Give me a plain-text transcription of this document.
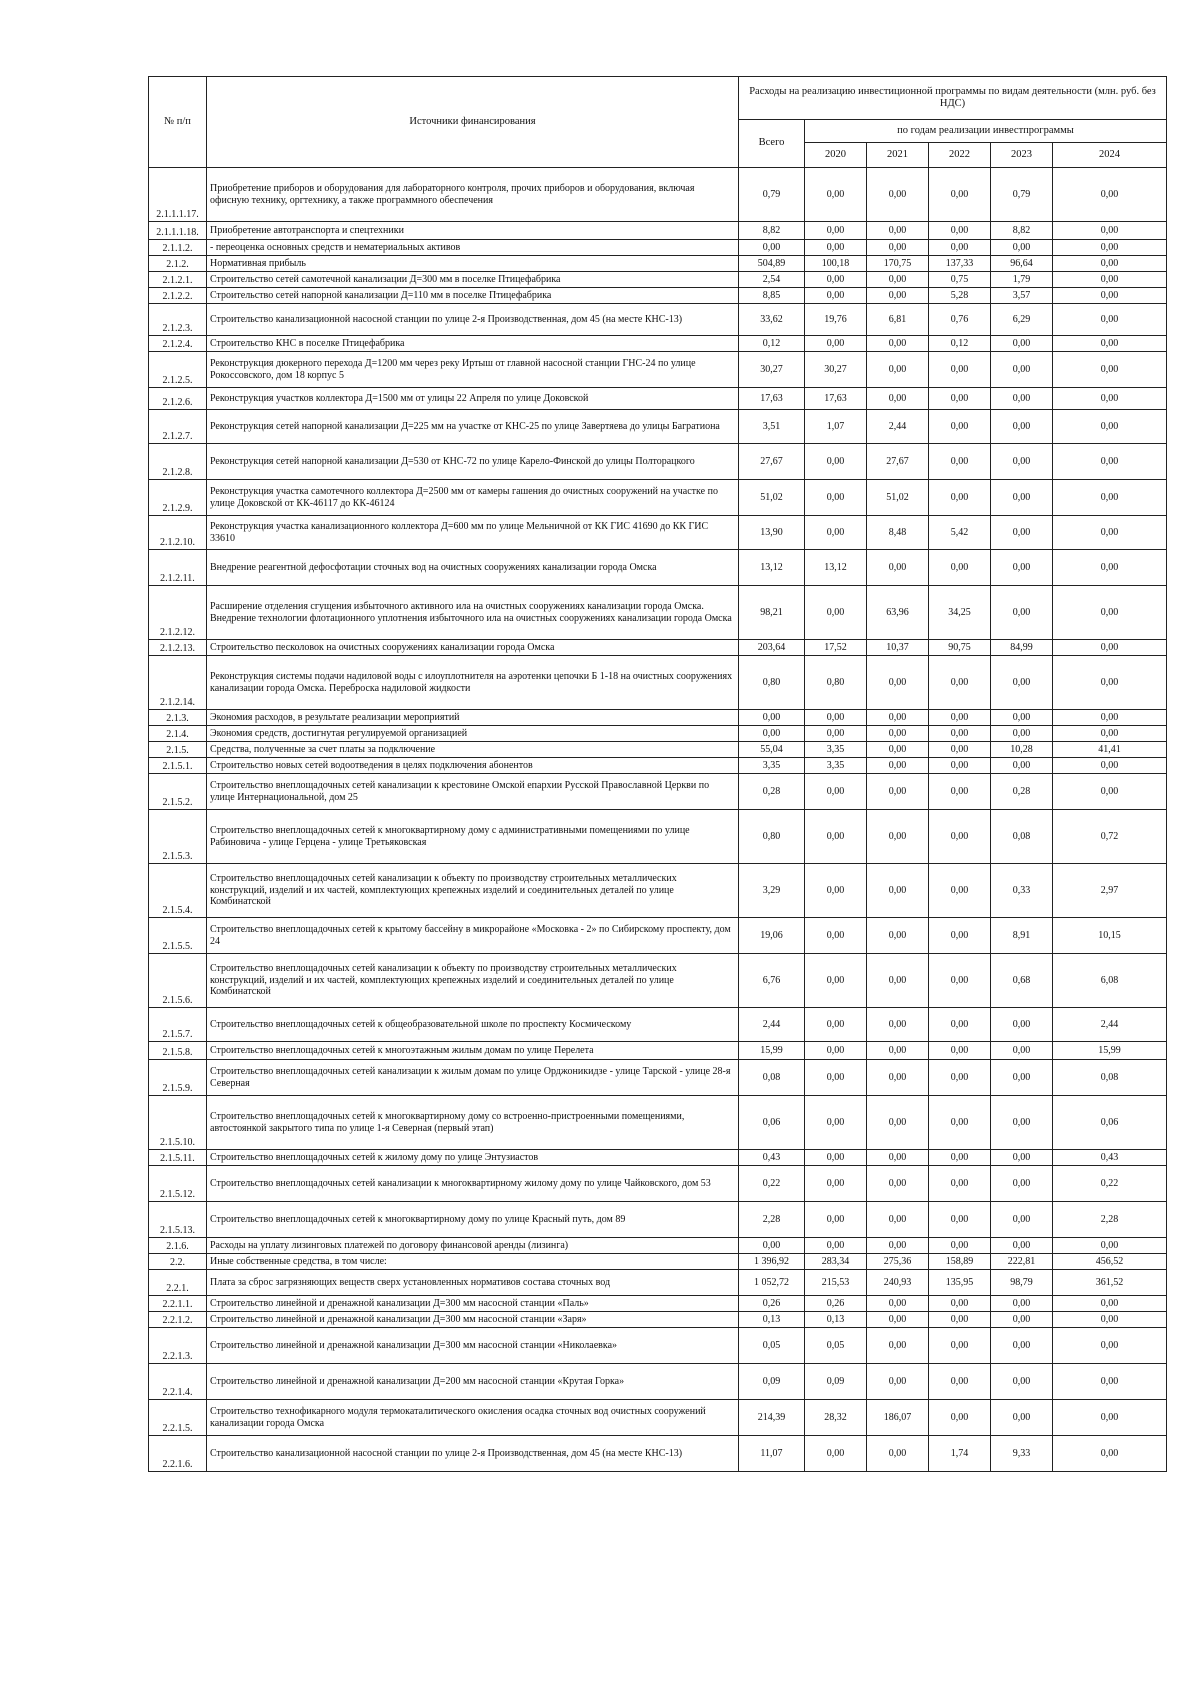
№ п/п	Источники финансирования	Расходы на реализацию инвестиционной программы по видам деятельности (млн. руб. без НДС)					
		Всего	по годам реализации инвестпрограммы				
			2020	2021	2022	2023	2024
2.1.1.1.17.	Приобретение приборов и оборудования для лабораторного контроля, прочих приборов и оборудования, включая офисную технику, оргтехнику, а также программного обеспечения	0,79	0,00	0,00	0,00	0,79	0,00
2.1.1.1.18.	Приобретение автотранспорта и спецтехники	8,82	0,00	0,00	0,00	8,82	0,00
2.1.1.2.	- переоценка основных средств и нематериальных активов	0,00	0,00	0,00	0,00	0,00	0,00
2.1.2.	Нормативная прибыль	504,89	100,18	170,75	137,33	96,64	0,00
2.1.2.1.	Строительство сетей самотечной канализации Д=300 мм в поселке Птицефабрика	2,54	0,00	0,00	0,75	1,79	0,00
2.1.2.2.	Строительство сетей напорной канализации Д=110 мм в поселке Птицефабрика	8,85	0,00	0,00	5,28	3,57	0,00
2.1.2.3.	Строительство канализационной насосной станции по улице 2-я Производственная, дом 45 (на месте КНС-13)	33,62	19,76	6,81	0,76	6,29	0,00
2.1.2.4.	Строительство КНС в поселке Птицефабрика	0,12	0,00	0,00	0,12	0,00	0,00
2.1.2.5.	Реконструкция дюкерного перехода Д=1200 мм через реку Иртыш от главной насосной станции ГНС-24 по улице Рокоссовского, дом 18 корпус 5	30,27	30,27	0,00	0,00	0,00	0,00
2.1.2.6.	Реконструкция участков коллектора Д=1500 мм от улицы 22 Апреля по улице Доковской	17,63	17,63	0,00	0,00	0,00	0,00
2.1.2.7.	Реконструкция сетей напорной канализации Д=225 мм на участке от КНС-25 по улице Завертяева до улицы Багратиона	3,51	1,07	2,44	0,00	0,00	0,00
2.1.2.8.	Реконструкция сетей напорной канализации Д=530 от КНС-72 по улице Карело-Финской до улицы Полторацкого	27,67	0,00	27,67	0,00	0,00	0,00
2.1.2.9.	Реконструкция участка самотечного коллектора Д=2500 мм от камеры гашения до очистных сооружений на участке по улице Доковской от КК-46117 до КК-46124	51,02	0,00	51,02	0,00	0,00	0,00
2.1.2.10.	Реконструкция участка канализационного коллектора Д=600 мм по улице Мельничной от КК ГИС 41690 до КК ГИС 33610	13,90	0,00	8,48	5,42	0,00	0,00
2.1.2.11.	Внедрение реагентной дефосфотации сточных вод на очистных сооружениях канализации города Омска	13,12	13,12	0,00	0,00	0,00	0,00
2.1.2.12.	Расширение отделения сгущения избыточного активного ила на очистных сооружениях канализации города Омска. Внедрение технологии флотационного уплотнения избыточного ила на очистных сооружениях канализации города Омска	98,21	0,00	63,96	34,25	0,00	0,00
2.1.2.13.	Строительство песколовок на очистных сооружениях канализации города Омска	203,64	17,52	10,37	90,75	84,99	0,00
2.1.2.14.	Реконструкция системы подачи надиловой воды с илоуплотнителя на аэротенки цепочки Б 1-18 на очистных сооружениях канализации города Омска. Переброска надиловой жидкости	0,80	0,80	0,00	0,00	0,00	0,00
2.1.3.	Экономия расходов, в результате реализации мероприятий	0,00	0,00	0,00	0,00	0,00	0,00
2.1.4.	Экономия средств, достигнутая регулируемой организацией	0,00	0,00	0,00	0,00	0,00	0,00
2.1.5.	Средства, полученные за счет платы за подключение	55,04	3,35	0,00	0,00	10,28	41,41
2.1.5.1.	Строительство новых сетей водоотведения в целях подключения абонентов	3,35	3,35	0,00	0,00	0,00	0,00
2.1.5.2.	Строительство внеплощадочных сетей канализации к крестовине Омской епархии Русской Православной Церкви по улице Интернациональной, дом 25	0,28	0,00	0,00	0,00	0,28	0,00
2.1.5.3.	Строительство внеплощадочных сетей к многоквартирному дому с административными помещениями по улице Рабиновича - улице Герцена - улице Третьяковская	0,80	0,00	0,00	0,00	0,08	0,72
2.1.5.4.	Строительство внеплощадочных сетей канализации к объекту по производству строительных металлических конструкций, изделий и их частей, комплектующих крепежных изделий и соединительных деталей по улице Комбинатской	3,29	0,00	0,00	0,00	0,33	2,97
2.1.5.5.	Строительство внеплощадочных сетей к крытому бассейну в микрорайоне «Московка - 2» по Сибирскому проспекту, дом 24	19,06	0,00	0,00	0,00	8,91	10,15
2.1.5.6.	Строительство внеплощадочных сетей канализации к объекту по производству строительных металлических конструкций, изделий и их частей, комплектующих крепежных изделий и соединительных деталей по улице Комбинатской	6,76	0,00	0,00	0,00	0,68	6,08
2.1.5.7.	Строительство внеплощадочных сетей к общеобразовательной школе по проспекту Космическому	2,44	0,00	0,00	0,00	0,00	2,44
2.1.5.8.	Строительство внеплощадочных сетей к многоэтажным жилым домам по улице Перелета	15,99	0,00	0,00	0,00	0,00	15,99
2.1.5.9.	Строительство внеплощадочных сетей канализации к жилым домам по улице Орджоникидзе - улице Тарской - улице 28-я Северная	0,08	0,00	0,00	0,00	0,00	0,08
2.1.5.10.	Строительство внеплощадочных сетей к многоквартирному дому со встроенно-пристроенными помещениями, автостоянкой закрытого типа по улице 1-я Северная (первый этап)	0,06	0,00	0,00	0,00	0,00	0,06
2.1.5.11.	Строительство внеплощадочных сетей к жилому дому по улице Энтузиастов	0,43	0,00	0,00	0,00	0,00	0,43
2.1.5.12.	Строительство внеплощадочных сетей канализации к многоквартирному жилому дому по улице Чайковского, дом 53	0,22	0,00	0,00	0,00	0,00	0,22
2.1.5.13.	Строительство внеплощадочных сетей к многоквартирному дому по улице Красный путь, дом 89	2,28	0,00	0,00	0,00	0,00	2,28
2.1.6.	Расходы на уплату лизинговых платежей по договору финансовой аренды (лизинга)	0,00	0,00	0,00	0,00	0,00	0,00
2.2.	Иные собственные средства, в том числе:	1 396,92	283,34	275,36	158,89	222,81	456,52
2.2.1.	Плата за сброс загрязняющих веществ сверх установленных нормативов состава сточных вод	1 052,72	215,53	240,93	135,95	98,79	361,52
2.2.1.1.	Строительство линейной и дренажной канализации Д=300 мм насосной станции «Паль»	0,26	0,26	0,00	0,00	0,00	0,00
2.2.1.2.	Строительство линейной и дренажной канализации Д=300 мм насосной станции «Заря»	0,13	0,13	0,00	0,00	0,00	0,00
2.2.1.3.	Строительство линейной и дренажной канализации Д=300 мм насосной станции «Николаевка»	0,05	0,05	0,00	0,00	0,00	0,00
2.2.1.4.	Строительство линейной и дренажной канализации Д=200 мм насосной станции «Крутая Горка»	0,09	0,09	0,00	0,00	0,00	0,00
2.2.1.5.	Строительство технофикарного модуля термокаталитического окисления осадка сточных вод очистных сооружений канализации города Омска	214,39	28,32	186,07	0,00	0,00	0,00
2.2.1.6.	Строительство канализационной насосной станции по улице 2-я Производственная, дом 45 (на месте КНС-13)	11,07	0,00	0,00	1,74	9,33	0,00
